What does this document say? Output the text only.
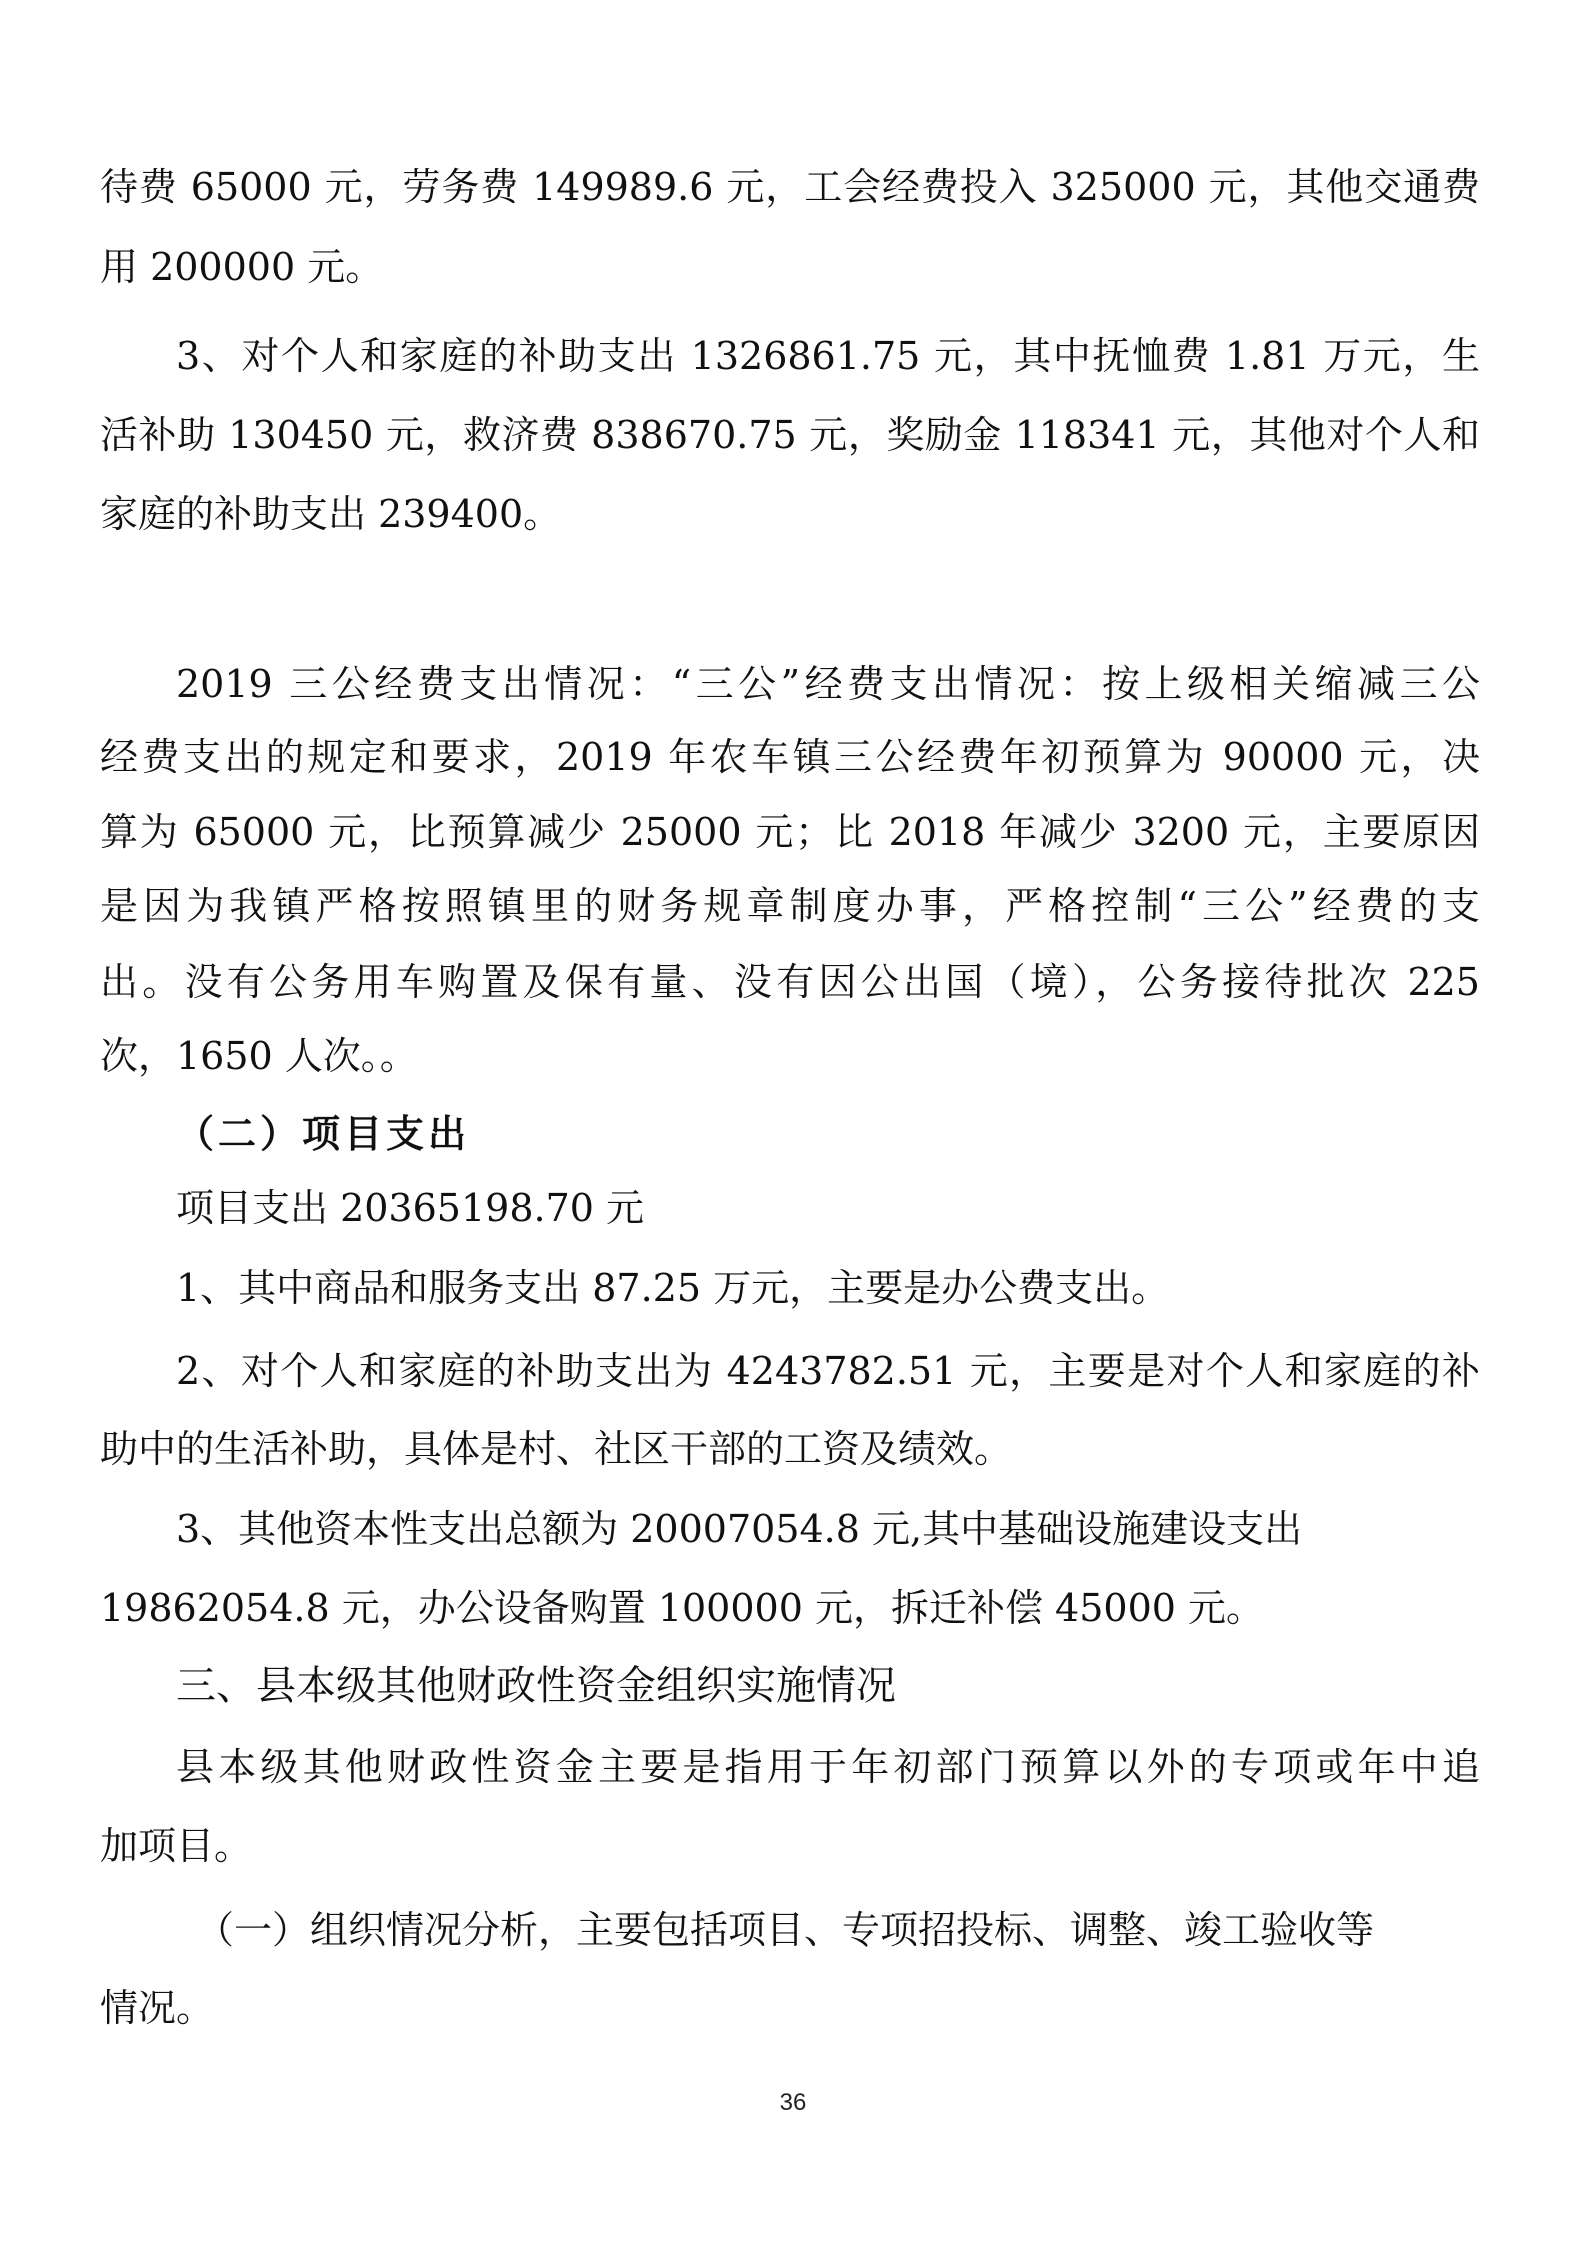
待费 65000 元，劳务费 149989.6 元，工会经费投入 325000 元，其他交通费
用 200000 元。
3、对个人和家庭的补助支出 1326861.75 元，其中抚恤费 1.81 万元，生
活补助 130450 元，救济费 838670.75 元，奖励金 118341 元，其他对个人和
家庭的补助支出 239400。
2019 三公经费支出情况：“三公”经费支出情况：按上级相关缩减三公
经费支出的规定和要求，2019 年农车镇三公经费年初预算为 90000 元，决
算为 65000 元，比预算减少 25000 元；比 2018 年减少 3200 元，主要原因
是因为我镇严格按照镇里的财务规章制度办事，严格控制“三公”经费的支
出。没有公务用车购置及保有量、没有因公出国（境），公务接待批次 225
次，1650 人次。。
（二）项目支出
项目支出 20365198.70 元
1、其中商品和服务支出 87.25 万元，主要是办公费支出。
2、对个人和家庭的补助支出为 4243782.51 元，主要是对个人和家庭的补
助中的生活补助，具体是村、社区干部的工资及绩效。
3、其他资本性支出总额为 20007054.8 元,其中基础设施建设支出
19862054.8 元，办公设备购置 100000 元，拆迁补偿 45000 元。
三、县本级其他财政性资金组织实施情况
县本级其他财政性资金主要是指用于年初部门预算以外的专项或年中追
加项目。
（一）组织情况分析，主要包括项目、专项招投标、调整、竣工验收等
情况。
36
